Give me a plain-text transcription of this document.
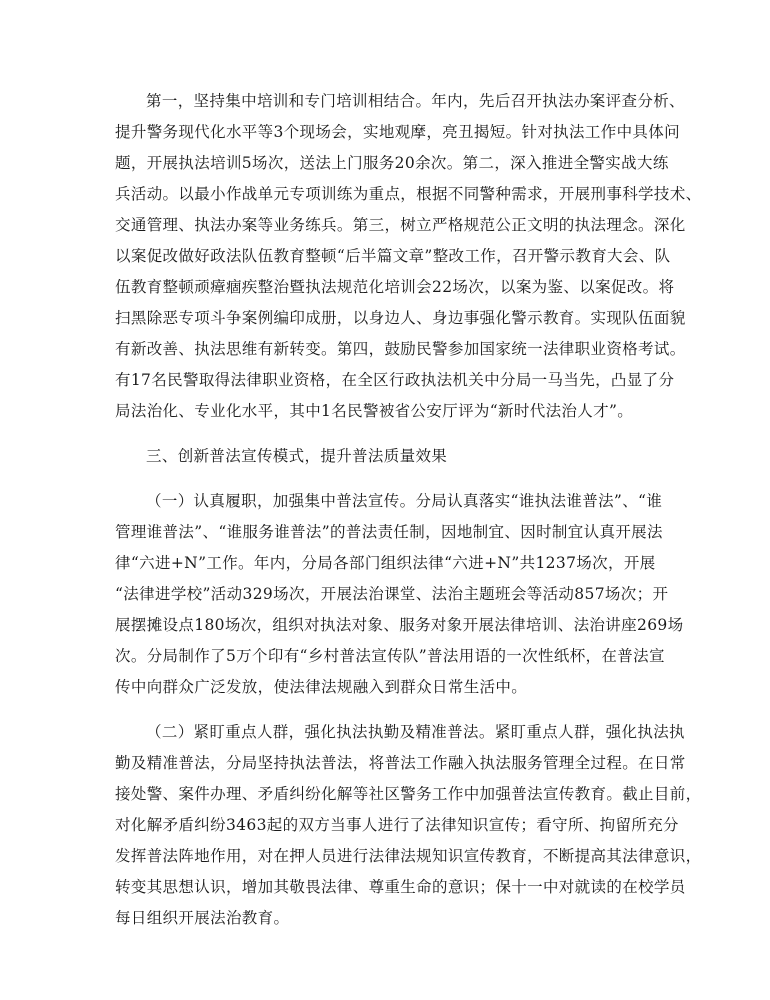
第一，坚持集中培训和专门培训相结合。年内，先后召开执法办案评查分析、
提升警务现代化水平等3个现场会，实地观摩，亮丑揭短。针对执法工作中具体问
题，开展执法培训5场次，送法上门服务20余次。第二，深入推进全警实战大练
兵活动。以最小作战单元专项训练为重点，根据不同警种需求，开展刑事科学技术、
交通管理、执法办案等业务练兵。第三，树立严格规范公正文明的执法理念。深化
以案促改做好政法队伍教育整顿“后半篇文章”整改工作，召开警示教育大会、队
伍教育整顿顽瘴痼疾整治暨执法规范化培训会22场次，以案为鉴、以案促改。将
扫黑除恶专项斗争案例编印成册，以身边人、身边事强化警示教育。实现队伍面貌
有新改善、执法思维有新转变。第四，鼓励民警参加国家统一法律职业资格考试。
有17名民警取得法律职业资格，在全区行政执法机关中分局一马当先，凸显了分
局法治化、专业化水平，其中1名民警被省公安厅评为“新时代法治人才”。
三、创新普法宣传模式，提升普法质量效果
（一）认真履职，加强集中普法宣传。分局认真落实“谁执法谁普法”、“谁
管理谁普法”、“谁服务谁普法”的普法责任制，因地制宜、因时制宜认真开展法
律“六进+N”工作。年内，分局各部门组织法律“六进+N”共1237场次，开展
“法律进学校”活动329场次，开展法治课堂、法治主题班会等活动857场次；开
展摆摊设点180场次，组织对执法对象、服务对象开展法律培训、法治讲座269场
次。分局制作了5万个印有“乡村普法宣传队”普法用语的一次性纸杯，在普法宣
传中向群众广泛发放，使法律法规融入到群众日常生活中。
（二）紧盯重点人群，强化执法执勤及精准普法。紧盯重点人群，强化执法执
勤及精准普法，分局坚持执法普法，将普法工作融入执法服务管理全过程。在日常
接处警、案件办理、矛盾纠纷化解等社区警务工作中加强普法宣传教育。截止目前，
对化解矛盾纠纷3463起的双方当事人进行了法律知识宣传；看守所、拘留所充分
发挥普法阵地作用，对在押人员进行法律法规知识宣传教育，不断提高其法律意识，
转变其思想认识，增加其敬畏法律、尊重生命的意识；保十一中对就读的在校学员
每日组织开展法治教育。
